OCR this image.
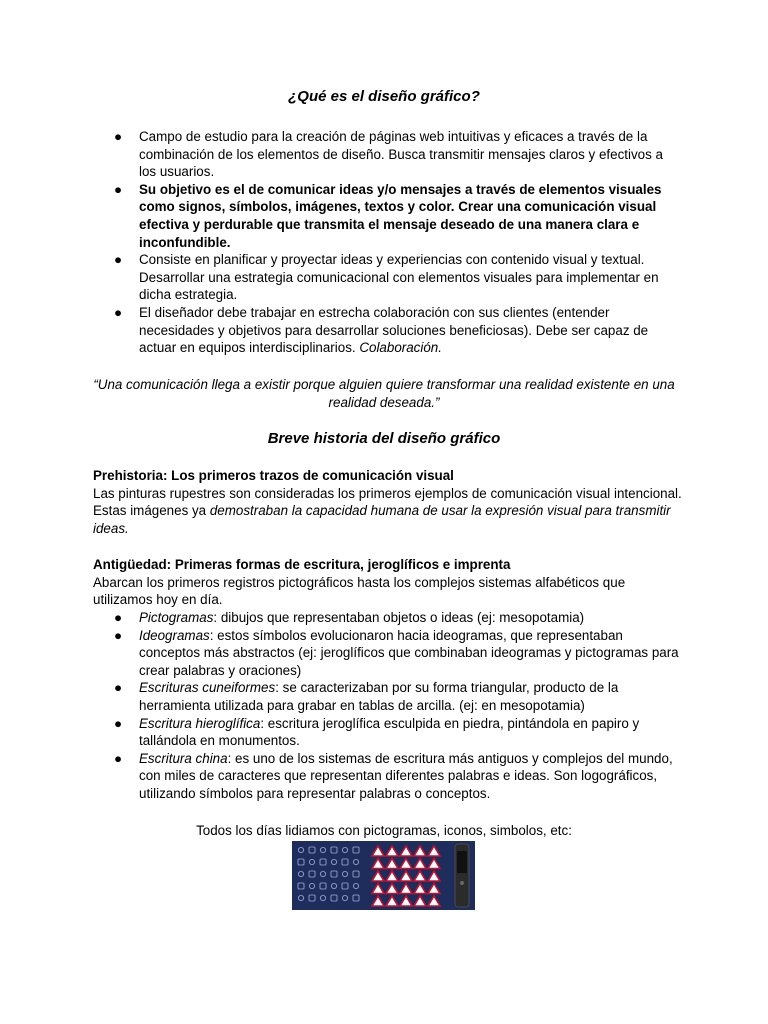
¿Qué es el diseño gráfico?
● Campo de estudio para la creación de páginas web intuitivas y eficaces a través de la combinación de los elementos de diseño. Busca transmitir mensajes claros y efectivos a los usuarios.
● Su objetivo es el de comunicar ideas y/o mensajes a través de elementos visuales como signos, símbolos, imágenes, textos y color. Crear una comunicación visual efectiva y perdurable que transmita el mensaje deseado de una manera clara e inconfundible.
● Consiste en planificar y proyectar ideas y experiencias con contenido visual y textual. Desarrollar una estrategia comunicacional con elementos visuales para implementar en dicha estrategia.
● El diseñador debe trabajar en estrecha colaboración con sus clientes (entender necesidades y objetivos para desarrollar soluciones beneficiosas). Debe ser capaz de actuar en equipos interdisciplinarios. Colaboración.
“Una comunicación llega a existir porque alguien quiere transformar una realidad existente en una realidad deseada.”
Breve historia del diseño gráfico
Prehistoria: Los primeros trazos de comunicación visual
Las pinturas rupestres son consideradas los primeros ejemplos de comunicación visual intencional. Estas imágenes ya demostraban la capacidad humana de usar la expresión visual para transmitir ideas.
Antigüedad: Primeras formas de escritura, jeroglíficos e imprenta
Abarcan los primeros registros pictográficos hasta los complejos sistemas alfabéticos que utilizamos hoy en día.
● Pictogramas: dibujos que representaban objetos o ideas (ej: mesopotamia)
● Ideogramas: estos símbolos evolucionaron hacia ideogramas, que representaban conceptos más abstractos (ej: jeroglíficos que combinaban ideogramas y pictogramas para crear palabras y oraciones)
● Escrituras cuneiformes: se caracterizaban por su forma triangular, producto de la herramienta utilizada para grabar en tablas de arcilla. (ej: en mesopotamia)
● Escritura hieroglífica: escritura jeroglífica esculpida en piedra, pintándola en papiro y tallándola en monumentos.
● Escritura china: es uno de los sistemas de escritura más antiguos y complejos del mundo, con miles de caracteres que representan diferentes palabras e ideas. Son logográficos, utilizando símbolos para representar palabras o conceptos.
Todos los días lidiamos con pictogramas, iconos, simbolos, etc:
